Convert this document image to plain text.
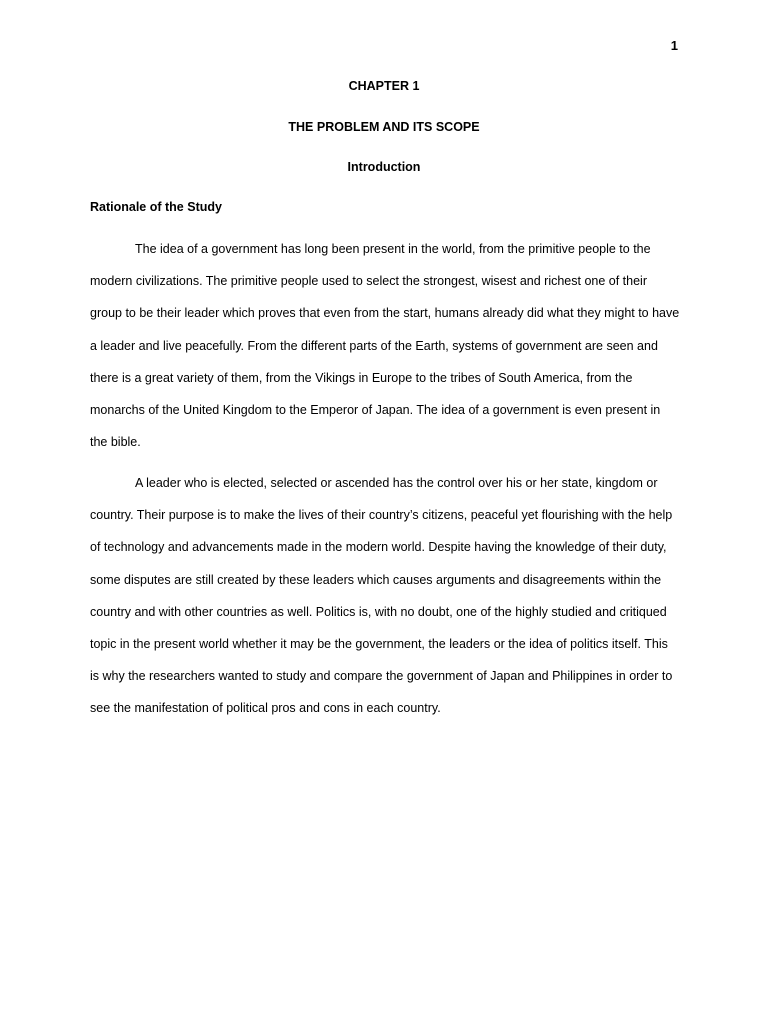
1
CHAPTER 1
THE PROBLEM AND ITS SCOPE
Introduction
Rationale of the Study

The idea of a government has long been present in the world, from the primitive people to the modern civilizations. The primitive people used to select the strongest, wisest and richest one of their group to be their leader which proves that even from the start, humans already did what they might to have a leader and live peacefully. From the different parts of the Earth, systems of government are seen and there is a great variety of them, from the Vikings in Europe to the tribes of South America, from the monarchs of the United Kingdom to the Emperor of Japan. The idea of a government is even present in the bible.

A leader who is elected, selected or ascended has the control over his or her state, kingdom or country. Their purpose is to make the lives of their country’s citizens, peaceful yet flourishing with the help of technology and advancements made in the modern world. Despite having the knowledge of their duty, some disputes are still created by these leaders which causes arguments and disagreements within the country and with other countries as well. Politics is, with no doubt, one of the highly studied and critiqued topic in the present world whether it may be the government, the leaders or the idea of politics itself. This is why the researchers wanted to study and compare the government of Japan and Philippines in order to see the manifestation of political pros and cons in each country.
